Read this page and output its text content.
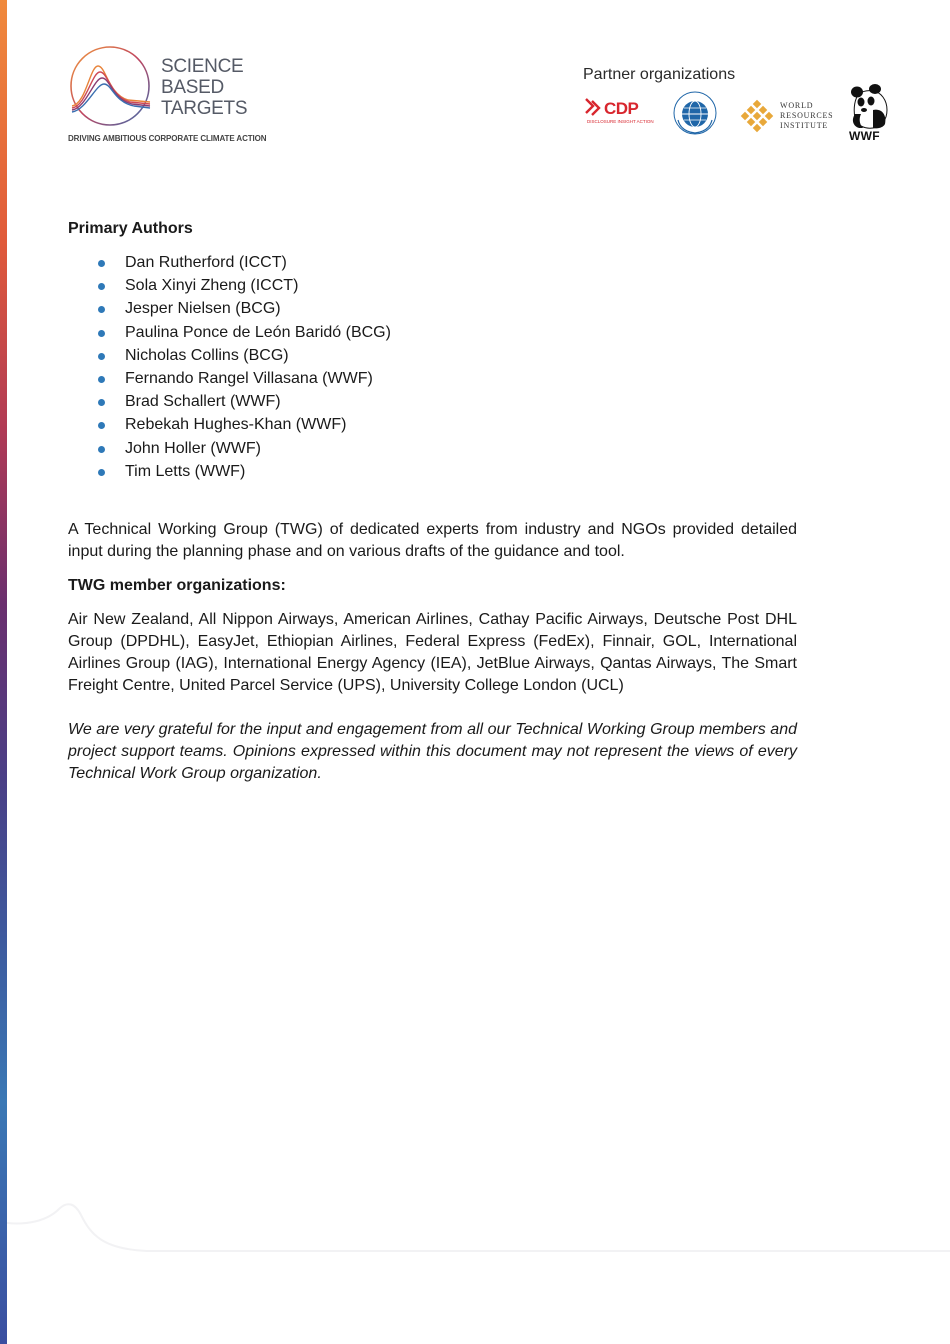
SCIENCE
BASED
TARGETS
DRIVING AMBITIOUS CORPORATE CLIMATE ACTION
Partner organizations
CDP
DISCLOSURE INSIGHT ACTION
WORLD
RESOURCES
INSTITUTE
WWF

Primary Authors

Dan Rutherford (ICCT)
Sola Xinyi Zheng (ICCT)
Jesper Nielsen (BCG)
Paulina Ponce de León Baridó (BCG)
Nicholas Collins (BCG)
Fernando Rangel Villasana (WWF)
Brad Schallert (WWF)
Rebekah Hughes-Khan (WWF)
John Holler (WWF)
Tim Letts (WWF)

A Technical Working Group (TWG) of dedicated experts from industry and NGOs provided detailed input during the planning phase and on various drafts of the guidance and tool.

TWG member organizations:

Air New Zealand, All Nippon Airways, American Airlines, Cathay Pacific Airways, Deutsche Post DHL Group (DPDHL), EasyJet, Ethiopian Airlines, Federal Express (FedEx), Finnair, GOL, International Airlines Group (IAG), International Energy Agency (IEA), JetBlue Airways, Qantas Airways, The Smart Freight Centre, United Parcel Service (UPS), University College London (UCL)

We are very grateful for the input and engagement from all our Technical Working Group members and project support teams. Opinions expressed within this document may not represent the views of every Technical Work Group organization.
